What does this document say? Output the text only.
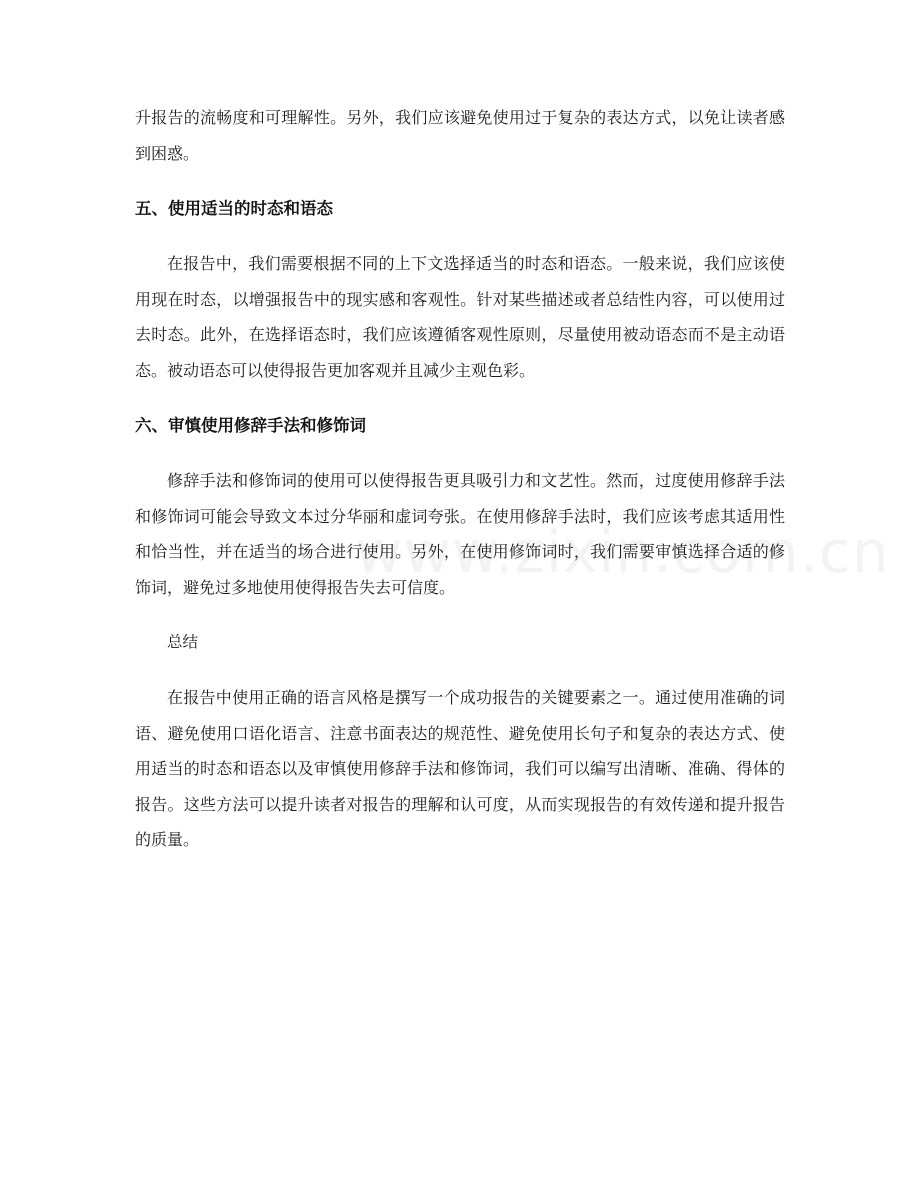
升报告的流畅度和可理解性。另外，我们应该避免使用过于复杂的表达方式，以免让读者感到困惑。

五、使用适当的时态和语态

在报告中，我们需要根据不同的上下文选择适当的时态和语态。一般来说，我们应该使用现在时态，以增强报告中的现实感和客观性。针对某些描述或者总结性内容，可以使用过去时态。此外，在选择语态时，我们应该遵循客观性原则，尽量使用被动语态而不是主动语态。被动语态可以使得报告更加客观并且减少主观色彩。

六、审慎使用修辞手法和修饰词

修辞手法和修饰词的使用可以使得报告更具吸引力和文艺性。然而，过度使用修辞手法和修饰词可能会导致文本过分华丽和虚词夸张。在使用修辞手法时，我们应该考虑其适用性和恰当性，并在适当的场合进行使用。另外，在使用修饰词时，我们需要审慎选择合适的修饰词，避免过多地使用使得报告失去可信度。

总结

在报告中使用正确的语言风格是撰写一个成功报告的关键要素之一。通过使用准确的词语、避免使用口语化语言、注意书面表达的规范性、避免使用长句子和复杂的表达方式、使用适当的时态和语态以及审慎使用修辞手法和修饰词，我们可以编写出清晰、准确、得体的报告。这些方法可以提升读者对报告的理解和认可度，从而实现报告的有效传递和提升报告的质量。
